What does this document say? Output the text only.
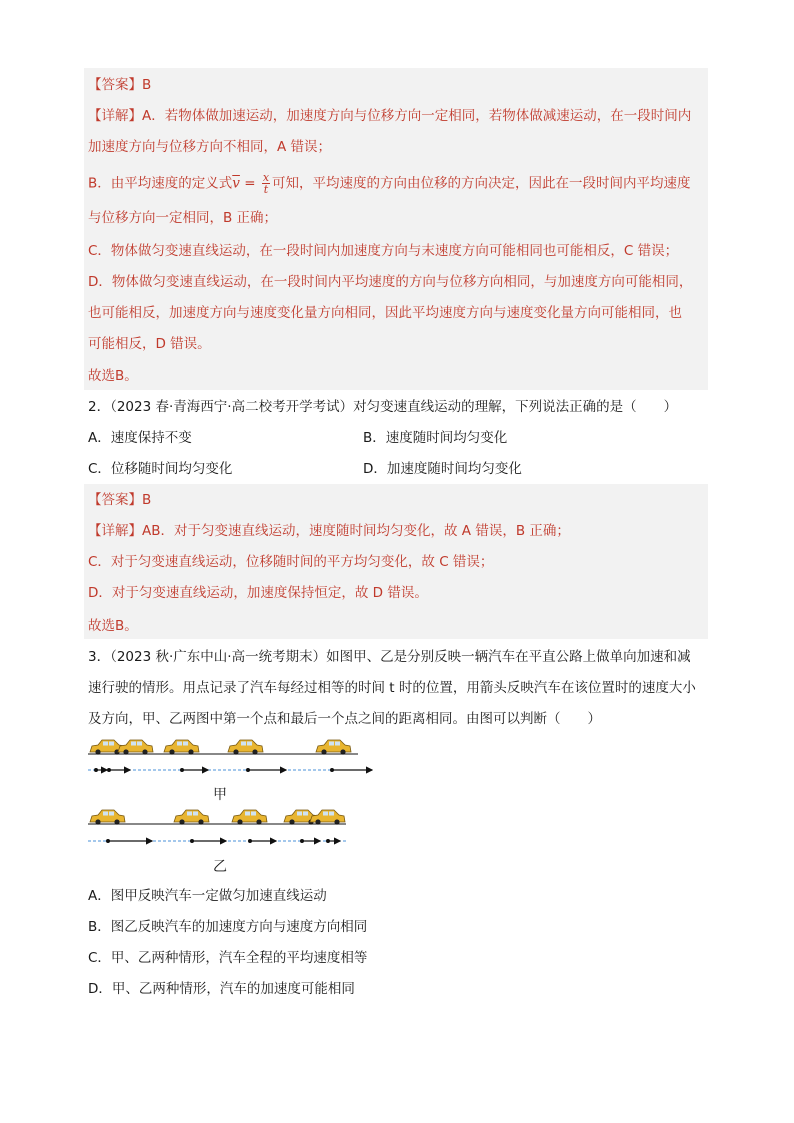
【答案】B
【详解】A．若物体做加速运动，加速度方向与位移方向一定相同，若物体做减速运动，在一段时间内
加速度方向与位移方向不相同，A 错误；
B．由平均速度的定义式$\overline{v} = \frac{x}{t}$ 可知，平均速度的方向由位移的方向决定，因此在一段时间内平均速度
与位移方向一定相同，B 正确；
C．物体做匀变速直线运动，在一段时间内加速度方向与末速度方向可能相同也可能相反，C 错误；
D．物体做匀变速直线运动，在一段时间内平均速度的方向与位移方向相同，与加速度方向可能相同，
也可能相反，加速度方向与速度变化量方向相同，因此平均速度方向与速度变化量方向可能相同，也
可能相反，D 错误。
故选B。
2．（2023 春·青海西宁·高二校考开学考试）对匀变速直线运动的理解，下列说法正确的是（　　）
A．速度保持不变	B．速度随时间均匀变化
C．位移随时间均匀变化	D．加速度随时间均匀变化
【答案】B
【详解】AB．对于匀变速直线运动，速度随时间均匀变化，故 A 错误，B 正确；
C．对于匀变速直线运动，位移随时间的平方均匀变化，故 C 错误；
D．对于匀变速直线运动，加速度保持恒定，故 D 错误。
故选B。
3．（2023 秋·广东中山·高一统考期末）如图甲、乙是分别反映一辆汽车在平直公路上做单向加速和减
速行驶的情形。用点记录了汽车每经过相等的时间 t 时的位置，用箭头反映汽车在该位置时的速度大小
及方向，甲、乙两图中第一个点和最后一个点之间的距离相同。由图可以判断（　　）
甲
乙
A．图甲反映汽车一定做匀加速直线运动
B．图乙反映汽车的加速度方向与速度方向相同
C．甲、乙两种情形，汽车全程的平均速度相等
D．甲、乙两种情形，汽车的加速度可能相同
